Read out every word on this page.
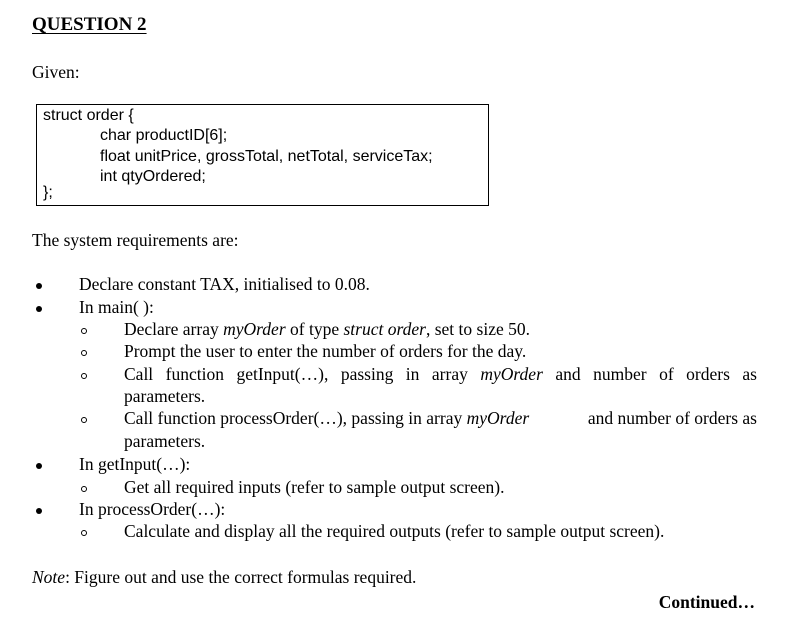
QUESTION 2
Given:
struct order {
char productID[6];
float unitPrice, grossTotal, netTotal, serviceTax;
int qtyOrdered;
};
The system requirements are:
Declare constant TAX, initialised to 0.08.
In main( ):
Declare array myOrder of type struct order, set to size 50.
Prompt the user to enter the number of orders for the day.
Call function getInput(…), passing in array myOrder and number of orders as
parameters.
Call function processOrder(…), passing in array myOrder	and number of orders as
parameters.
In getInput(…):
Get all required inputs (refer to sample output screen).
In processOrder(…):
Calculate and display all the required outputs (refer to sample output screen).
Note: Figure out and use the correct formulas required.
Continued…
